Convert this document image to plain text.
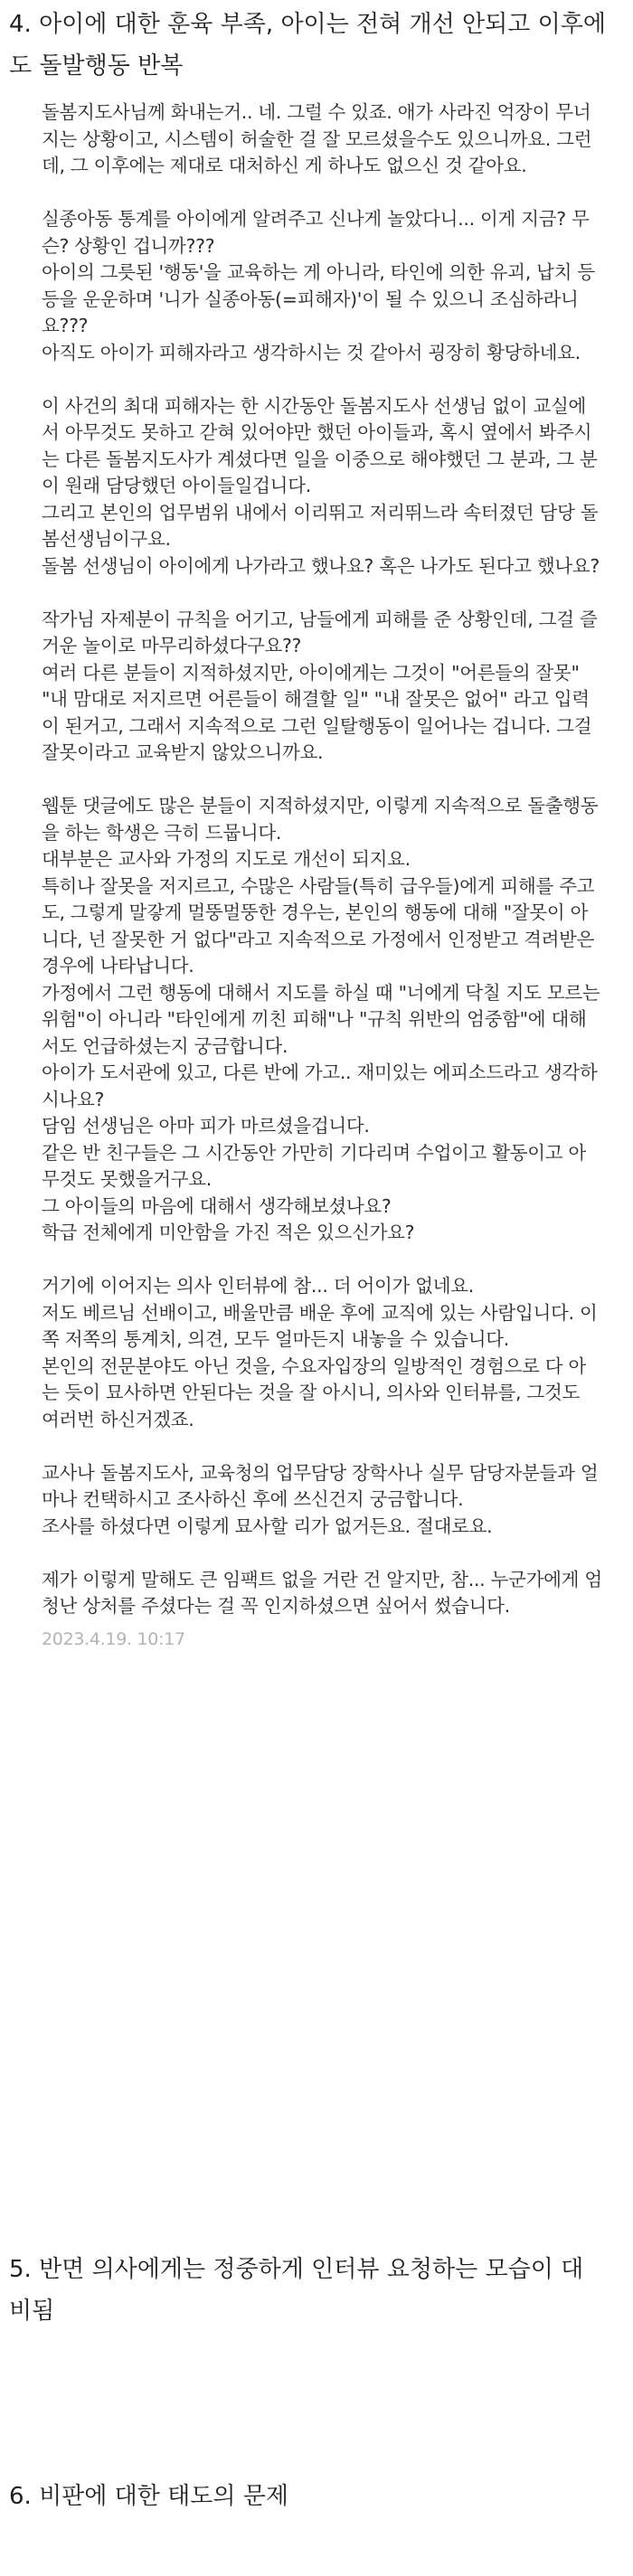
4. 아이에 대한 훈육 부족, 아이는 전혀 개선 안되고 이후에도 돌발행동 반복

돌봄지도사님께 화내는거.. 네. 그럴 수 있죠. 애가 사라진 억장이 무너지는 상황이고, 시스템이 허술한 걸 잘 모르셨을수도 있으니까요. 그런데, 그 이후에는 제대로 대처하신 게 하나도 없으신 것 같아요.

실종아동 통계를 아이에게 알려주고 신나게 놀았다니... 이게 지금? 무슨? 상황인 겁니까???
아이의 그릇된 '행동'을 교육하는 게 아니라, 타인에 의한 유괴, 납치 등등을 운운하며 '니가 실종아동(=피해자)'이 될 수 있으니 조심하라니요???
아직도 아이가 피해자라고 생각하시는 것 같아서 굉장히 황당하네요.

이 사건의 최대 피해자는 한 시간동안 돌봄지도사 선생님 없이 교실에서 아무것도 못하고 갇혀 있어야만 했던 아이들과, 혹시 옆에서 봐주시는 다른 돌봄지도사가 계셨다면 일을 이중으로 해야했던 그 분과, 그 분이 원래 담당했던 아이들일겁니다.
그리고 본인의 업무범위 내에서 이리뛰고 저리뛰느라 속터졌던 담당 돌봄선생님이구요.
돌봄 선생님이 아이에게 나가라고 했나요? 혹은 나가도 된다고 했나요?

작가님 자제분이 규칙을 어기고, 남들에게 피해를 준 상황인데, 그걸 즐거운 놀이로 마무리하셨다구요??
여러 다른 분들이 지적하셨지만, 아이에게는 그것이 "어른들의 잘못" "내 맘대로 저지르면 어른들이 해결할 일" "내 잘못은 없어" 라고 입력이 된거고, 그래서 지속적으로 그런 일탈행동이 일어나는 겁니다. 그걸 잘못이라고 교육받지 않았으니까요.

웹툰 댓글에도 많은 분들이 지적하셨지만, 이렇게 지속적으로 돌출행동을 하는 학생은 극히 드뭅니다.
대부분은 교사와 가정의 지도로 개선이 되지요.
특히나 잘못을 저지르고, 수많은 사람들(특히 급우들)에게 피해를 주고도, 그렇게 말갛게 멀뚱멀뚱한 경우는, 본인의 행동에 대해 "잘못이 아니다, 넌 잘못한 거 없다"라고 지속적으로 가정에서 인정받고 격려받은 경우에 나타납니다.
가정에서 그런 행동에 대해서 지도를 하실 때 "너에게 닥칠 지도 모르는 위험"이 아니라 "타인에게 끼친 피해"나 "규칙 위반의 엄중함"에 대해서도 언급하셨는지 궁금합니다.
아이가 도서관에 있고, 다른 반에 가고.. 재미있는 에피소드라고 생각하시나요?
담임 선생님은 아마 피가 마르셨을겁니다.
같은 반 친구들은 그 시간동안 가만히 기다리며 수업이고 활동이고 아무것도 못했을거구요.
그 아이들의 마음에 대해서 생각해보셨나요?
학급 전체에게 미안함을 가진 적은 있으신가요?

거기에 이어지는 의사 인터뷰에 참... 더 어이가 없네요.
저도 베르님 선배이고, 배울만큼 배운 후에 교직에 있는 사람입니다. 이쪽 저쪽의 통계치, 의견, 모두 얼마든지 내놓을 수 있습니다.
본인의 전문분야도 아닌 것을, 수요자입장의 일방적인 경험으로 다 아는 듯이 묘사하면 안된다는 것을 잘 아시니, 의사와 인터뷰를, 그것도 여러번 하신거겠죠.

교사나 돌봄지도사, 교육청의 업무담당 장학사나 실무 담당자분들과 얼마나 컨택하시고 조사하신 후에 쓰신건지 궁금합니다.
조사를 하셨다면 이렇게 묘사할 리가 없거든요. 절대로요.

제가 이렇게 말해도 큰 임팩트 없을 거란 건 알지만, 참... 누군가에게 엄청난 상처를 주셨다는 걸 꼭 인지하셨으면 싶어서 썼습니다.

2023.4.19. 10:17

5. 반면 의사에게는 정중하게 인터뷰 요청하는 모습이 대비됨
6. 비판에 대한 태도의 문제
